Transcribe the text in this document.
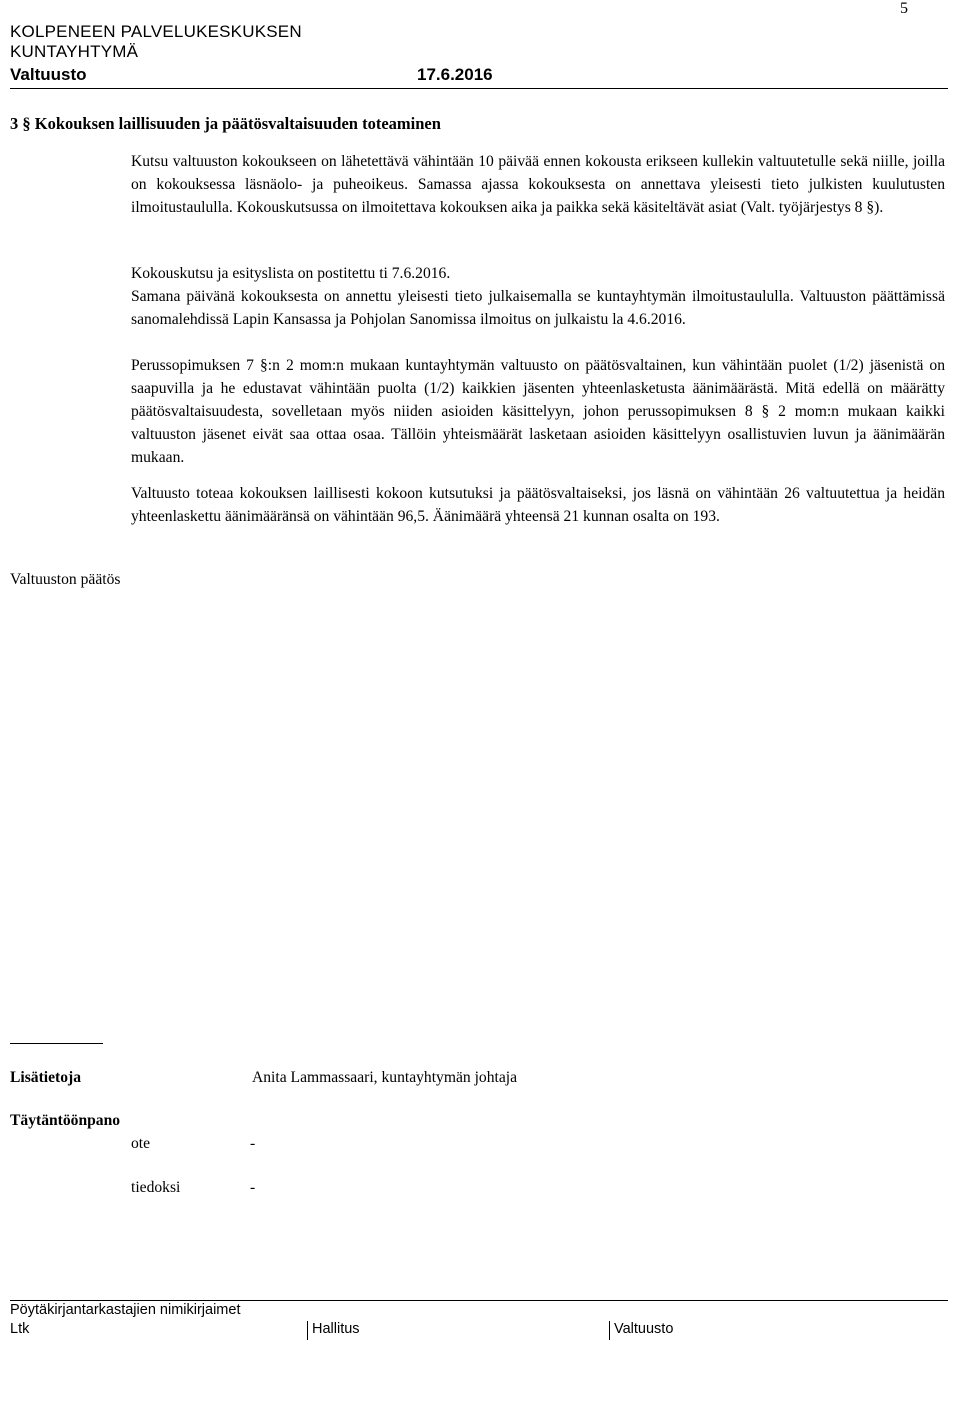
5
KOLPENEEN PALVELUKESKUKSEN
KUNTAYHTYMÄ
Valtuusto	17.6.2016
3 § Kokouksen laillisuuden ja päätösvaltaisuuden toteaminen

Kutsu valtuuston kokoukseen on lähetettävä vähintään 10 päivää ennen kokousta erikseen kullekin valtuutetulle sekä niille, joilla on kokouksessa läsnäolo- ja puheoikeus. Samassa ajassa kokouksesta on annettava yleisesti tieto julkisten kuulutusten ilmoitustaululla. Kokouskutsussa on ilmoitettava kokouksen aika ja paikka sekä käsiteltävät asiat (Valt. työjärjestys 8 §).

Kokouskutsu ja esityslista on postitettu ti 7.6.2016.

Samana päivänä kokouksesta on annettu yleisesti tieto julkaisemalla se kuntayhtymän ilmoitustaululla. Valtuuston päättämissä sanomalehdissä Lapin Kansassa ja Pohjolan Sanomissa ilmoitus on julkaistu la 4.6.2016.

Perussopimuksen 7 §:n 2 mom:n mukaan kuntayhtymän valtuusto on päätösvaltainen, kun vähintään puolet (1/2) jäsenistä on saapuvilla ja he edustavat vähintään puolta (1/2) kaikkien jäsenten yhteenlasketusta äänimäärästä. Mitä edellä on määrätty päätösvaltaisuudesta, sovelletaan myös niiden asioiden käsittelyyn, johon perussopimuksen 8 § 2 mom:n mukaan kaikki valtuuston jäsenet eivät saa ottaa osaa. Tällöin yhteismäärät lasketaan asioiden käsittelyyn osallistuvien luvun ja äänimäärän mukaan.

Valtuusto toteaa kokouksen laillisesti kokoon kutsutuksi ja päätösvaltaiseksi, jos läsnä on vähintään 26 valtuutettua ja heidän yhteenlaskettu äänimääränsä on vähintään 96,5. Äänimäärä yhteensä 21 kunnan osalta on 193.

Valtuuston päätös
Lisätietoja	Anita Lammassaari, kuntayhtymän johtaja
Täytäntöönpano
ote	-
tiedoksi	-
Pöytäkirjantarkastajien nimikirjaimet
Ltk	Hallitus	Valtuusto
